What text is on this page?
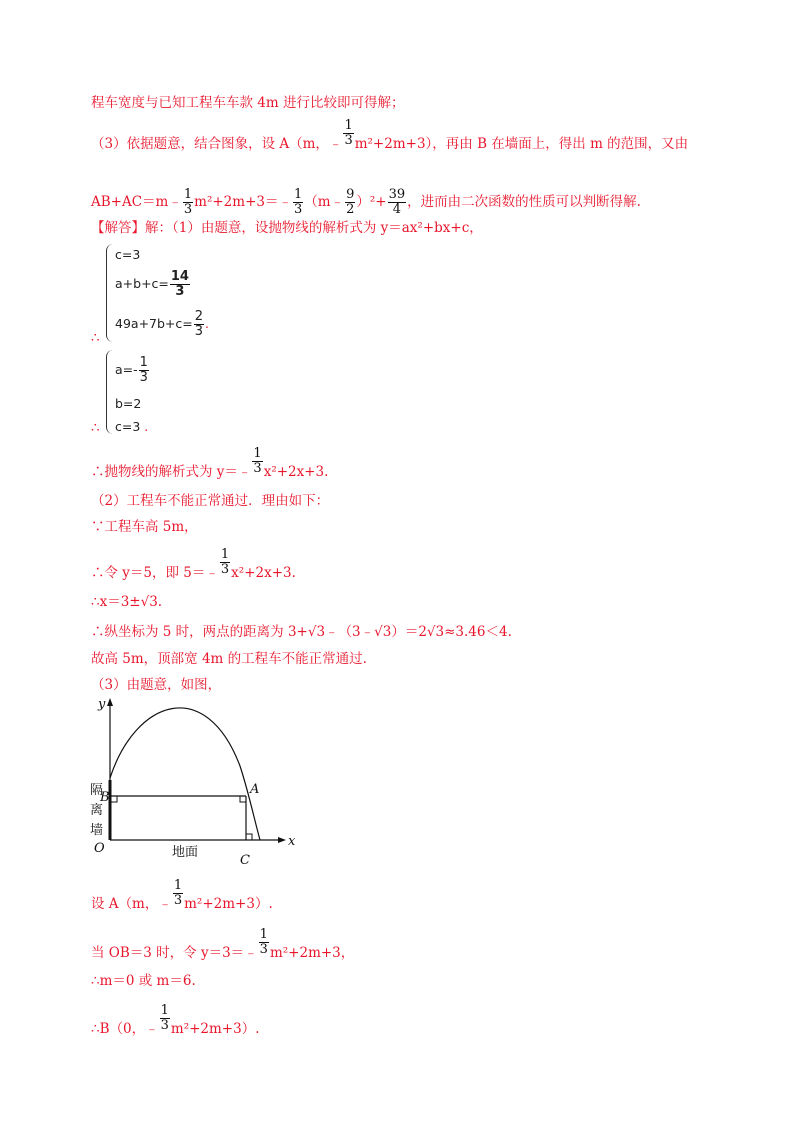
程车宽度与已知工程车车款 4m 进行比较即可得解；
（3）依据题意，结合图象，设 A（m，﹣ $\frac{1}{3} m^2+2m+3$），再由 B 在墙面上，得出 m 的范围，又由
AB+AC＝m﹣ $\frac{1}{3}$ m²+2m+3＝﹣ $\frac{1}{3}$ （m﹣ $\frac{9}{2} )^2+ \frac{39}{4}$ ，进而由二次函数的性质可以判断得解.
【解答】解：（1）由题意，设抛物线的解析式为 y＝ax²+bx+c，
c=3
$a+b+c= \frac{14}{3}$
$49a+7b+c= \frac{2}{3}$ .
∴
$a=- \frac{1}{3}$
b=2
c=3 .
∴
∴抛物线的解析式为 y＝﹣ $\frac{1}{3} x^2+2x+3$.
（2）工程车不能正常通过．理由如下：
∵工程车高 5m，
∴令 y＝5，即 5＝﹣ $\frac{1}{3} x^2+2x+3$.
∴x＝3±√3.
∴纵坐标为 5 时，两点的距离为 3+√3﹣（3﹣√3）＝2√3≈3.46＜4.
故高 5m，顶部宽 4m 的工程车不能正常通过.
（3）由题意，如图，
y
x
O
A
B
C
隔
离
墙
地面
设 A（m，﹣ $\frac{1}{3} m^2+2m+3$）.
当 OB＝3 时，令 y＝3＝﹣ $\frac{1}{3} m^2+2m+3$，
∴m＝0 或 m＝6.
∴B（0，﹣ $\frac{1}{3} m^2+2m+3$）.
